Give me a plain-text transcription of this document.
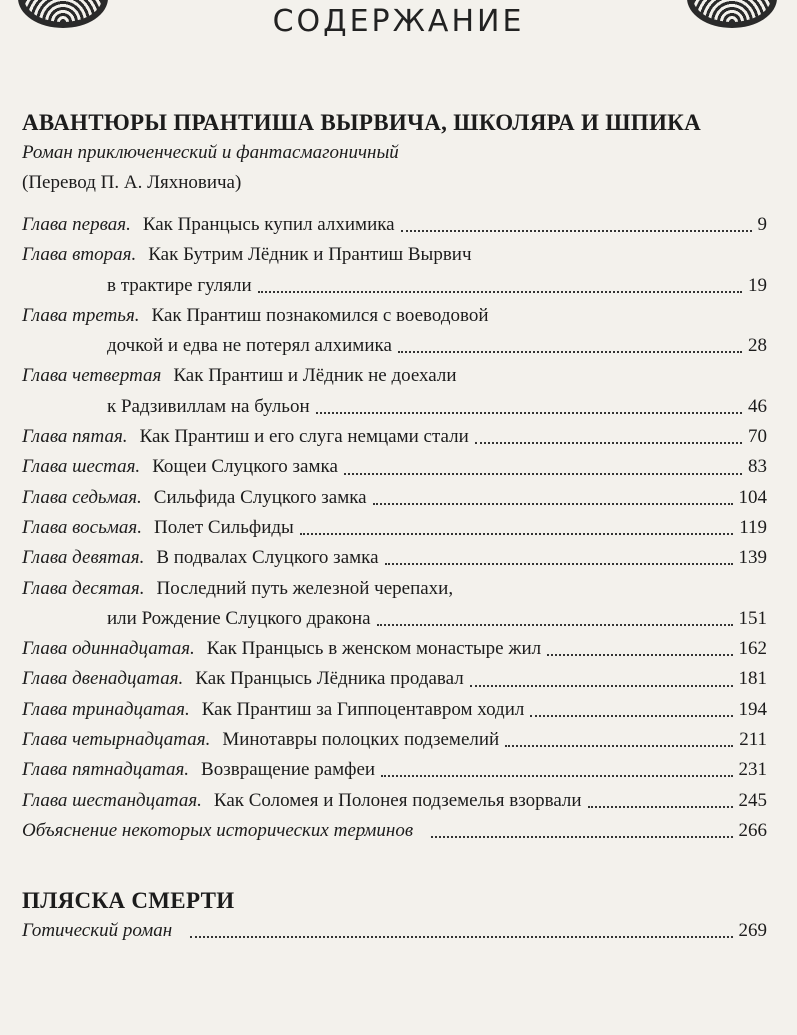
СОДЕРЖАНИЕ
АВАНТЮРЫ ПРАНТИША ВЫРВИЧА, ШКОЛЯРА И ШПИКА
Роман приключенческий и фантасмагоничный
(Перевод П. А. Ляхновича)
Глава первая. Как Пранцысь купил алхимика	9
Глава вторая. Как Бутрим Лёдник и Прантиш Вырвич
в трактире гуляли	19
Глава третья. Как Прантиш познакомился с воеводовой
дочкой и едва не потерял алхимика	28
Глава четвертая Как Прантиш и Лёдник не доехали
к Радзивиллам на бульон	46
Глава пятая. Как Прантиш и его слуга немцами стали	70
Глава шестая. Кощеи Слуцкого замка	83
Глава седьмая. Сильфида Слуцкого замка	104
Глава восьмая. Полет Сильфиды	119
Глава девятая. В подвалах Слуцкого замка	139
Глава десятая. Последний путь железной черепахи,
или Рождение Слуцкого дракона	151
Глава одиннадцатая. Как Пранцысь в женском монастыре жил	162
Глава двенадцатая. Как Пранцысь Лёдника продавал	181
Глава тринадцатая. Как Прантиш за Гиппоцентавром ходил	194
Глава четырнадцатая. Минотавры полоцких подземелий	211
Глава пятнадцатая. Возвращение рамфеи	231
Глава шестандцатая. Как Соломея и Полонея подземелья взорвали	245
Объяснение некоторых исторических терминов	266
ПЛЯСКА СМЕРТИ
Готический роман	269
